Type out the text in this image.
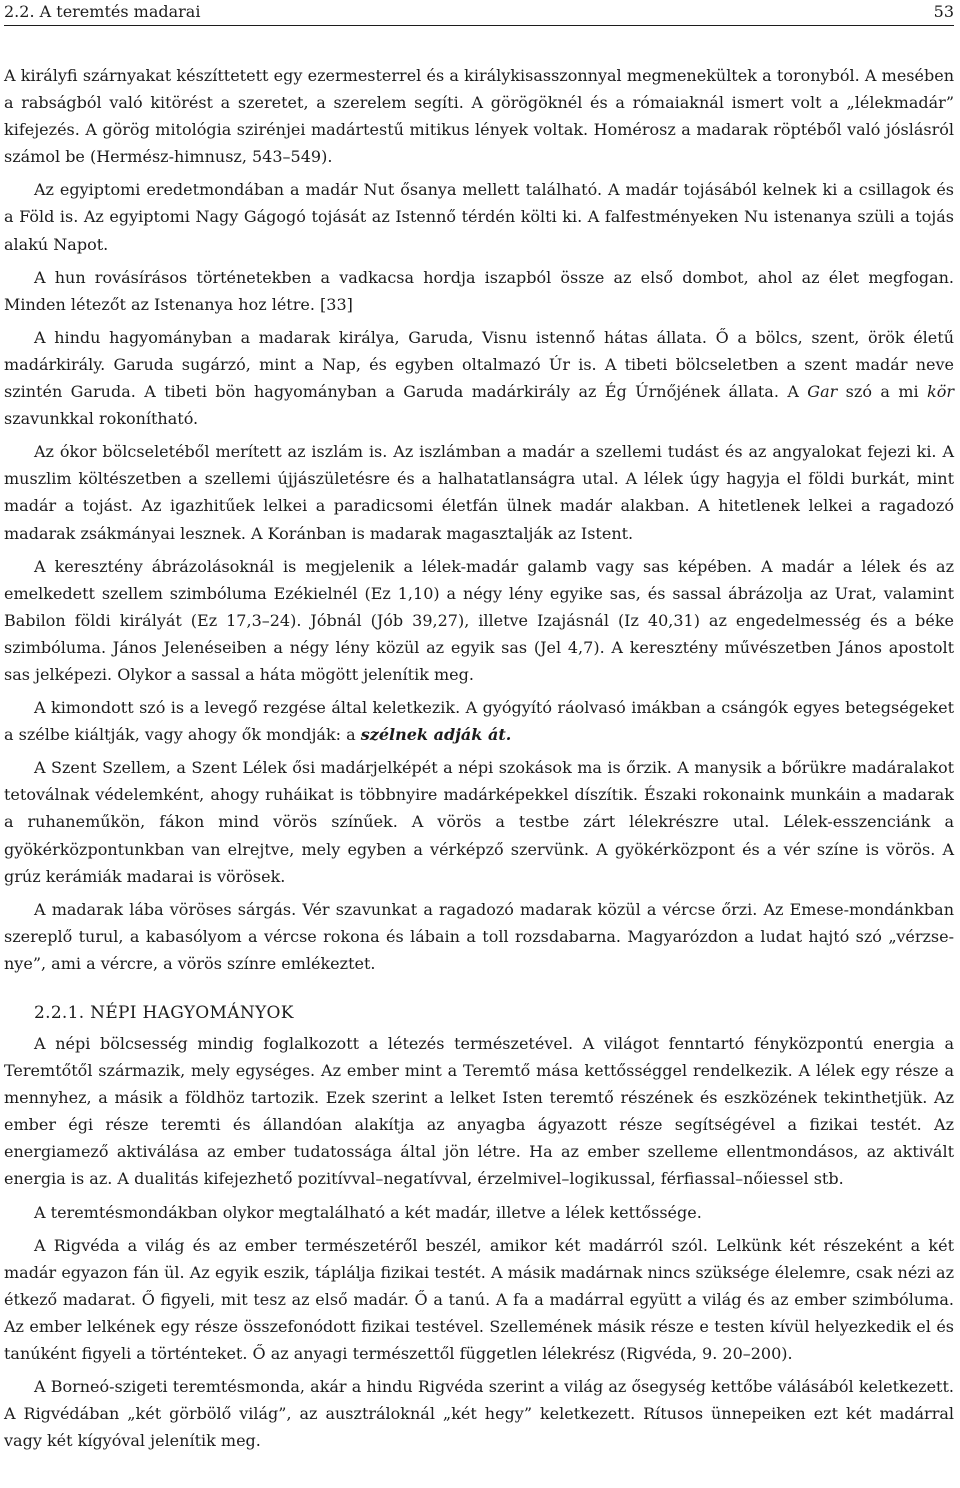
2.2. A teremtés madarai	53

A királyfi szárnyakat készíttetett egy ezermesterrel és a királykisasszonnyal megmenekültek a toronyból. A mesében a rabságból való kitörést a szeretet, a szerelem segíti. A görögöknél és a rómaiaknál ismert volt a „lélekmadár” kifejezés. A görög mitológia szirénjei madártestű mitikus lények voltak. Homérosz a madarak röptéből való jóslásról számol be (Hermész-himnusz, 543–549).

Az egyiptomi eredetmondában a madár Nut ősanya mellett található. A madár tojásából kelnek ki a csillagok és a Föld is. Az egyiptomi Nagy Gágogó tojását az Istennő térdén költi ki. A falfestményeken Nu istenanya szüli a tojás alakú Napot.

A hun rovásírásos történetekben a vadkacsa hordja iszapból össze az első dombot, ahol az élet megfogan. Minden létezőt az Istenanya hoz létre. [33]

A hindu hagyományban a madarak királya, Garuda, Visnu istennő hátas állata. Ő a bölcs, szent, örök életű madárkirály. Garuda sugárzó, mint a Nap, és egyben oltalmazó Úr is. A tibeti bölcseletben a szent madár neve szintén Garuda. A tibeti bön hagyományban a Garuda madárkirály az Ég Úrnőjének állata. A Gar szó a mi kör szavunkkal rokonítható.

Az ókor bölcseletéből merített az iszlám is. Az iszlámban a madár a szellemi tudást és az angyalokat fejezi ki. A muszlim költészetben a szellemi újjászületésre és a halhatatlanságra utal. A lélek úgy hagyja el földi burkát, mint madár a tojást. Az igazhitűek lelkei a paradicsomi életfán ülnek madár alakban. A hitetlenek lelkei a ragadozó madarak zsákmányai lesznek. A Koránban is madarak magasztalják az Istent.

A keresztény ábrázolásoknál is megjelenik a lélek-madár galamb vagy sas képében. A madár a lélek és az emelkedett szellem szimbóluma Ezékielnél (Ez 1,10) a négy lény egyike sas, és sassal ábrázolja az Urat, valamint Babilon földi királyát (Ez 17,3–24). Jóbnál (Jób 39,27), illetve Izajásnál (Iz 40,31) az engedelmesség és a béke szimbóluma. János Jelenéseiben a négy lény közül az egyik sas (Jel 4,7). A keresztény művészetben János apostolt sas jelképezi. Olykor a sassal a háta mögött jelenítik meg.

A kimondott szó is a levegő rezgése által keletkezik. A gyógyító ráolvasó imákban a csángók egyes betegségeket a szélbe kiáltják, vagy ahogy ők mondják: a szélnek adják át.

A Szent Szellem, a Szent Lélek ősi madárjelképét a népi szokások ma is őrzik. A manysik a bőrükre madáralakot tetoválnak védelemként, ahogy ruháikat is többnyire madárképekkel díszítik. Északi rokonaink munkáin a madarak a ruhaneműkön, fákon mind vörös színűek. A vörös a testbe zárt lélekrészre utal. Lélek-esszenciánk a gyökérközpontunkban van elrejtve, mely egyben a vérképző szervünk. A gyökérközpont és a vér színe is vörös. A grúz kerámiák madarai is vörösek.

A madarak lába vöröses sárgás. Vér szavunkat a ragadozó madarak közül a vércse őrzi. Az Emese-mondánkban szereplő turul, a kabasólyom a vércse rokona és lábain a toll rozsdabarna. Magyarózdon a ludat hajtó szó „vérzse-nye”, ami a vércre, a vörös színre emlékeztet.

2.2.1. NÉPI HAGYOMÁNYOK

A népi bölcsesség mindig foglalkozott a létezés természetével. A világot fenntartó fényközpontú energia a Teremtőtől származik, mely egységes. Az ember mint a Teremtő mása kettősséggel rendelkezik. A lélek egy része a mennyhez, a másik a földhöz tartozik. Ezek szerint a lelket Isten teremtő részének és eszközének tekinthetjük. Az ember égi része teremti és állandóan alakítja az anyagba ágyazott része segítségével a fizikai testét. Az energiamező aktiválása az ember tudatossága által jön létre. Ha az ember szelleme ellentmondásos, az aktivált energia is az. A dualitás kifejezhető pozitívval–negatívval, érzelmivel–logikussal, férfiassal–nőiessel stb.

A teremtésmondákban olykor megtalálható a két madár, illetve a lélek kettőssége.

A Rigvéda a világ és az ember természetéről beszél, amikor két madárról szól. Lelkünk két részeként a két madár egyazon fán ül. Az egyik eszik, táplálja fizikai testét. A másik madárnak nincs szüksége élelemre, csak nézi az étkező madarat. Ő figyeli, mit tesz az első madár. Ő a tanú. A fa a madárral együtt a világ és az ember szimbóluma. Az ember lelkének egy része összefonódott fizikai testével. Szellemének másik része e testen kívül helyezkedik el és tanúként figyeli a történteket. Ő az anyagi természettől független lélekrész (Rigvéda, 9. 20–200).

A Borneó-szigeti teremtésmonda, akár a hindu Rigvéda szerint a világ az ősegység kettőbe válásából keletkezett. A Rigvédában „két görbölő világ”, az ausztráloknál „két hegy” keletkezett. Rítusos ünnepeiken ezt két madárral vagy két kígyóval jelenítik meg.
